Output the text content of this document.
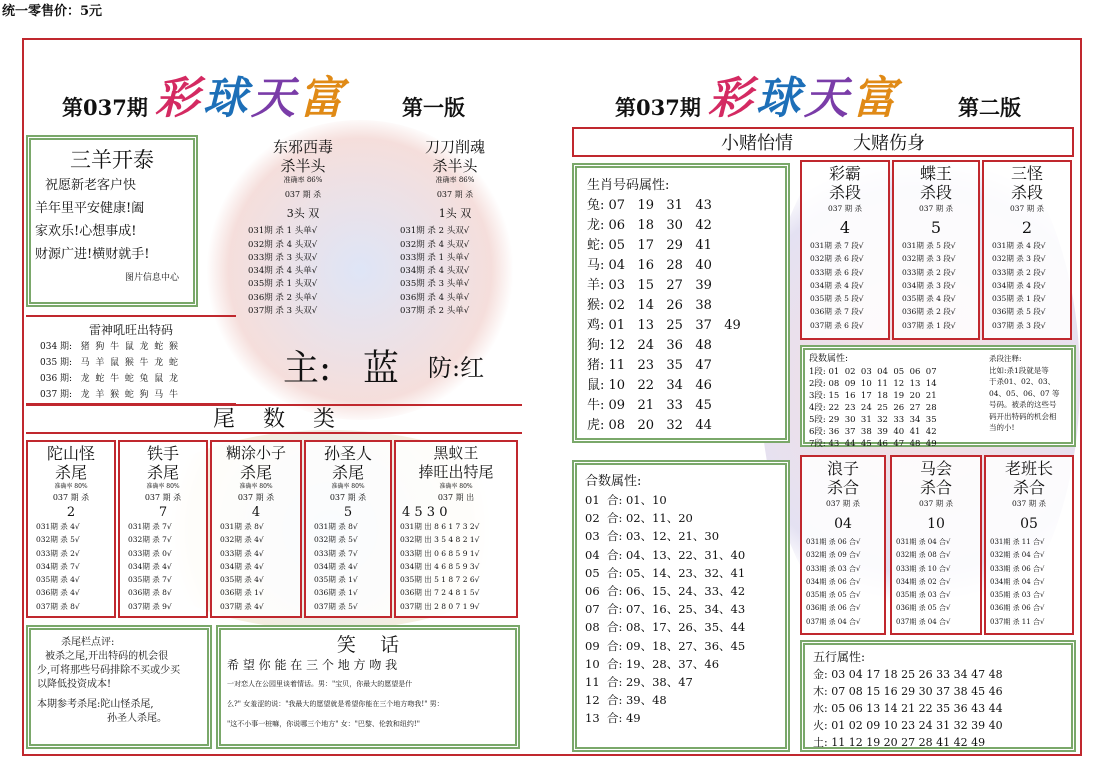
统一零售价：5元
第037期 彩球天富	第一版	第037期 彩球天富	第二版
三羊开泰
祝愿新老客户快
羊年里平安健康!阖
家欢乐!心想事成!
财源广进!横财就手!
图片信息中心
东邪西毒
杀半头
准确率 86%
037 期 杀
3头 双
031期 杀 1 头单√
032期 杀 4 头双√
033期 杀 3 头双√
034期 杀 4 头单√
035期 杀 1 头双√
036期 杀 2 头单√
037期 杀 3 头双√
刀刀削魂
杀半头
准确率 86%
037 期 杀
1头 双
031期 杀 2 头双√
032期 杀 4 头双√
033期 杀 1 头单√
034期 杀 4 头双√
035期 杀 3 头单√
036期 杀 4 头单√
037期 杀 2 头单√
雷神吼旺出特码
034 期:   猪  狗  牛  鼠  龙  蛇  猴
035 期:   马  羊  鼠  猴  牛  龙  蛇
036 期:   龙  蛇  牛  蛇  兔  鼠  龙
037 期:   龙  羊  猴  蛇  狗  马  牛
主: 蓝 防:红
尾    数    类
陀山怪
杀尾
准确率 80%
037 期 杀
2
031期 杀 4√
032期 杀 5√
033期 杀 2√
034期 杀 7√
035期 杀 4√
036期 杀 4√
037期 杀 8√
铁手
杀尾
准确率 80%
037 期 杀
7
031期 杀 7√
032期 杀 7√
033期 杀 0√
034期 杀 4√
035期 杀 7√
036期 杀 8√
037期 杀 9√
糊涂小子
杀尾
准确率 80%
037 期 杀
4
031期 杀 8√
032期 杀 4√
033期 杀 4√
034期 杀 4√
035期 杀 4√
036期 杀 1√
037期 杀 4√
孙圣人
杀尾
准确率 80%
037 期 杀
5
031期 杀 8√
032期 杀 5√
033期 杀 7√
034期 杀 4√
035期 杀 1√
036期 杀 1√
037期 杀 5√
黑蚁王
捧旺出特尾
准确率 80%
037 期 出
4 5 3 0
031期 出 8 6 1 7 3 2√
032期 出 3 5 4 8 2 1√
033期 出 0 6 8 5 9 1√
034期 出 4 6 8 5 9 3√
035期 出 5 1 8 7 2 6√
036期 出 7 2 4 8 1 5√
037期 出 2 8 0 7 1 9√
杀尾栏点评:
被杀之尾,开出特码的机会很
少,可将那些号码排除不买或少买
以降低投资成本!
本期参考杀尾: 陀山怪杀尾,
孙圣人杀尾。
笑    话
希 望 你 能 在 三 个 地 方 吻 我
一对恋人在公园里谈着情话。男："宝贝，你最大的愿望是什
么?" 女羞涩的说："我最大的愿望就是希望你能在三个地方吻我!" 男：
"这不小事一桩嘛，你说哪三个地方" 女："巴黎、伦敦和纽约!"
小赌怡情	大赌伤身
生肖号码属性:
兔: 07   19   31   43
龙: 06   18   30   42
蛇: 05   17   29   41
马: 04   16   28   40
羊: 03   15   27   39
猴: 02   14   26   38
鸡: 01   13   25   37   49
狗: 12   24   36   48
猪: 11   23   35   47
鼠: 10   22   34   46
牛: 09   21   33   45
虎: 08   20   32   44
合数属性:
01  合: 01、10
02  合: 02、11、20
03  合: 03、12、21、30
04  合: 04、13、22、31、40
05  合: 05、14、23、32、41
06  合: 06、15、24、33、42
07  合: 07、16、25、34、43
08  合: 08、17、26、35、44
09  合: 09、18、27、36、45
10  合: 19、28、37、46
11  合: 29、38、47
12  合: 39、48
13  合: 49
彩霸
杀段
037 期 杀
4
031期 杀 7 段√
032期 杀 6 段√
033期 杀 6 段√
034期 杀 4 段√
035期 杀 5 段√
036期 杀 7 段√
037期 杀 6 段√
蝶王
杀段
037 期 杀
5
031期 杀 5 段√
032期 杀 3 段√
033期 杀 2 段√
034期 杀 3 段√
035期 杀 4 段√
036期 杀 2 段√
037期 杀 1 段√
三怪
杀段
037 期 杀
2
031期 杀 4 段√
032期 杀 3 段√
033期 杀 2 段√
034期 杀 4 段√
035期 杀 1 段√
036期 杀 5 段√
037期 杀 3 段√
段数属性:
1段: 01  02  03  04  05  06  07
2段: 08  09  10  11  12  13  14
3段: 15  16  17  18  19  20  21
4段: 22  23  24  25  26  27  28
5段: 29  30  31  32  33  34  35
6段: 36  37  38  39  40  41  42
7段: 43  44  45  46  47  48  49
杀段注释:
比如:杀1段就是等
于杀01、02、03、
04、05、06、07 等
号码。被杀的这些号
码开出特码的机会相
当的小!
浪子
杀合
037 期 杀
04
031期 杀 06 合√
032期 杀 09 合√
033期 杀 03 合√
034期 杀 06 合√
035期 杀 05 合√
036期 杀 06 合√
037期 杀 04 合√
马会
杀合
037 期 杀
10
031期 杀 04 合√
032期 杀 08 合√
033期 杀 10 合√
034期 杀 02 合√
035期 杀 03 合√
036期 杀 05 合√
037期 杀 04 合√
老班长
杀合
037 期 杀
05
031期 杀 11 合√
032期 杀 04 合√
033期 杀 06 合√
034期 杀 04 合√
035期 杀 03 合√
036期 杀 06 合√
037期 杀 11 合√
五行属性:
金: 03 04 17 18 25 26 33 34 47 48
木: 07 08 15 16 29 30 37 38 45 46
水: 05 06 13 14 21 22 35 36 43 44
火: 01 02 09 10 23 24 31 32 39 40
土: 11 12 19 20 27 28 41 42 49
